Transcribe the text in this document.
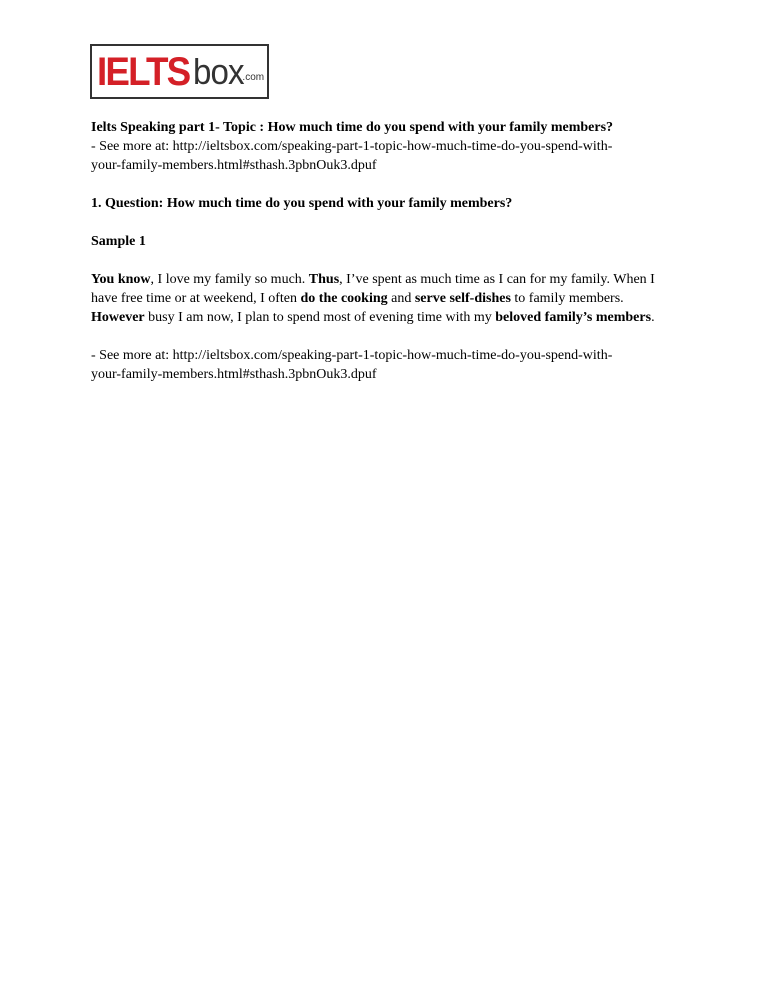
IELTS box
.com

Ielts Speaking part 1- Topic : How much time do you spend with your family members?
- See more at: http://ieltsbox.com/speaking-part-1-topic-how-much-time-do-you-spend-with-
your-family-members.html#sthash.3pbnOuk3.dpuf

1. Question: How much time do you spend with your family members?

Sample 1

You know, I love my family so much. Thus, I’ve spent as much time as I can for my family. When I have free time or at weekend, I often do the cooking and serve self-dishes to family members. However busy I am now, I plan to spend most of evening time with my beloved family’s members.

- See more at: http://ieltsbox.com/speaking-part-1-topic-how-much-time-do-you-spend-with-
your-family-members.html#sthash.3pbnOuk3.dpuf
